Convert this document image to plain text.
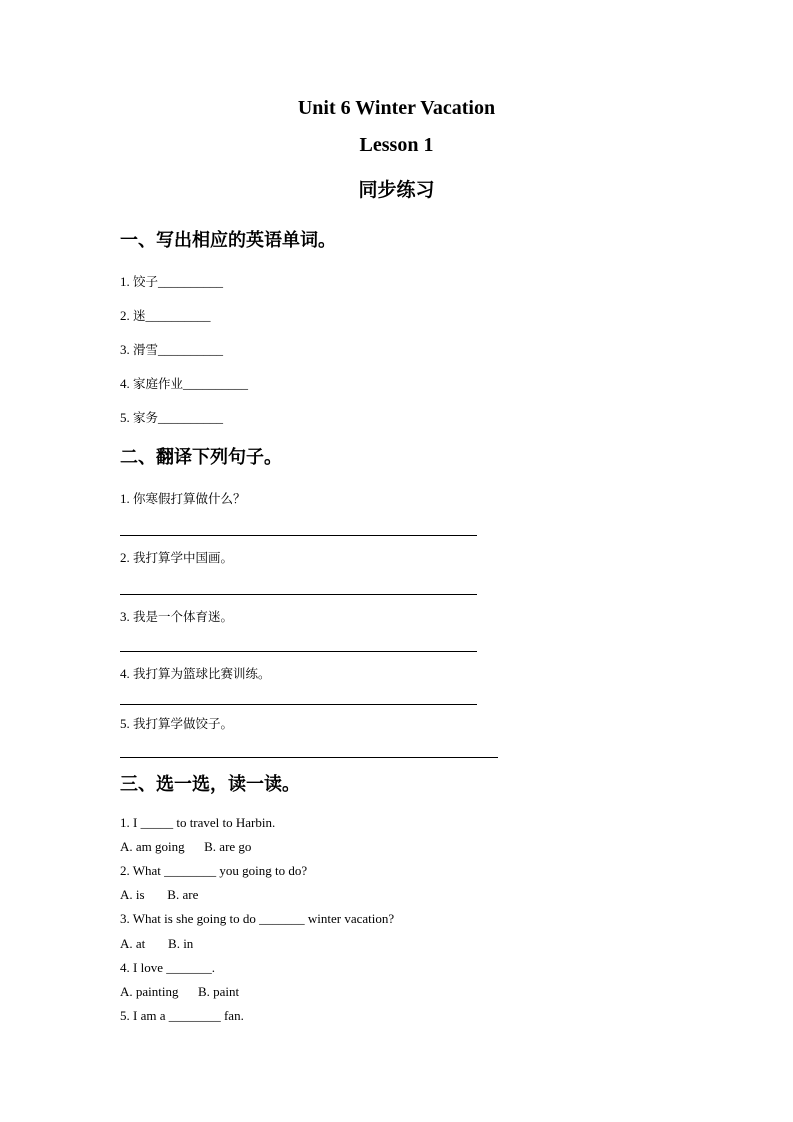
Unit 6 Winter Vacation
Lesson 1
同步练习
一、写出相应的英语单词。
1. 饺子__________
2. 迷__________
3. 滑雪__________
4. 家庭作业__________
5. 家务__________
二、翻译下列句子。
1. 你寒假打算做什么？
2. 我打算学中国画。
3. 我是一个体育迷。
4. 我打算为篮球比赛训练。
5. 我打算学做饺子。
三、选一选，读一读。
1. I _____ to travel to Harbin.
A. am going      B. are go
2. What ________ you going to do?
A. is       B. are
3. What is she going to do _______ winter vacation?
A. at       B. in
4. I love _______.
A. painting      B. paint
5. I am a ________ fan.
